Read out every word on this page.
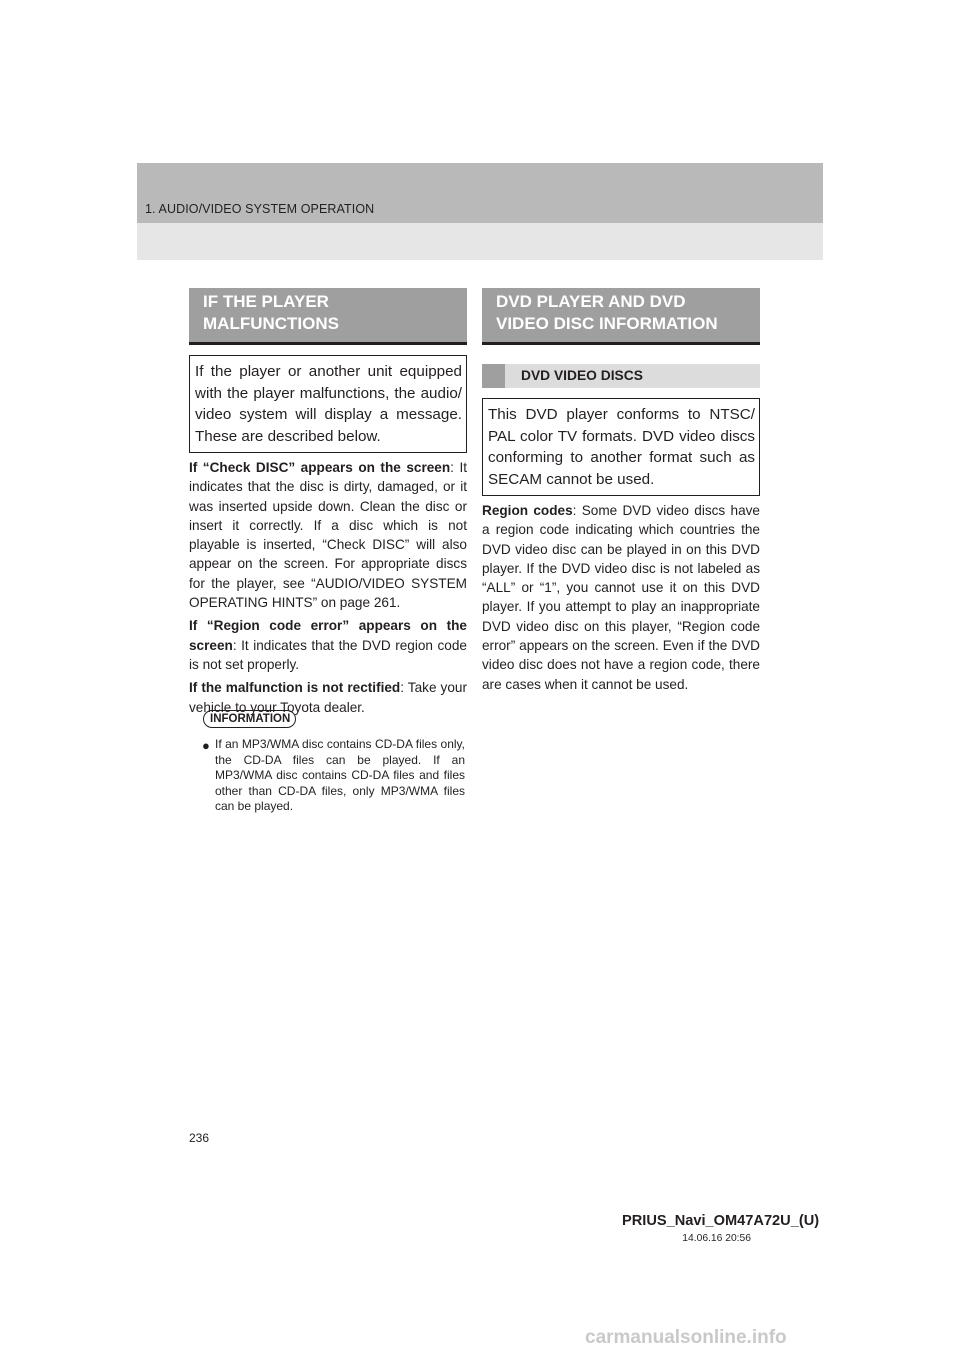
1. AUDIO/VIDEO SYSTEM OPERATION
IF THE PLAYER
MALFUNCTIONS
If the player or another unit equipped with the player malfunctions, the audio/ video system will display a message. These are described below.

If “Check DISC” appears on the screen: It indicates that the disc is dirty, damaged, or it was inserted upside down. Clean the disc or insert it correctly. If a disc which is not playable is inserted, “Check DISC” will also appear on the screen. For appropriate discs for the player, see “AUDIO/VIDEO SYSTEM OPERATING HINTS” on page 261.

If “Region code error” appears on the screen: It indicates that the DVD region code is not set properly.

If the malfunction is not rectified: Take your vehicle to your Toyota dealer.

INFORMATION
● If an MP3/WMA disc contains CD-DA files only, the CD-DA files can be played. If an MP3/WMA disc contains CD-DA files and files other than CD-DA files, only MP3/WMA files can be played.
DVD PLAYER AND DVD
VIDEO DISC INFORMATION
DVD VIDEO DISCS
This DVD player conforms to NTSC/ PAL color TV formats. DVD video discs conforming to another format such as SECAM cannot be used.

Region codes: Some DVD video discs have a region code indicating which countries the DVD video disc can be played in on this DVD player. If the DVD video disc is not labeled as “ALL” or “1”, you cannot use it on this DVD player. If you attempt to play an inappropriate DVD video disc on this player, “Region code error” appears on the screen. Even if the DVD video disc does not have a region code, there are cases when it cannot be used.

236
PRIUS_Navi_OM47A72U_(U)
14.06.16 20:56
carmanualsonline.info
